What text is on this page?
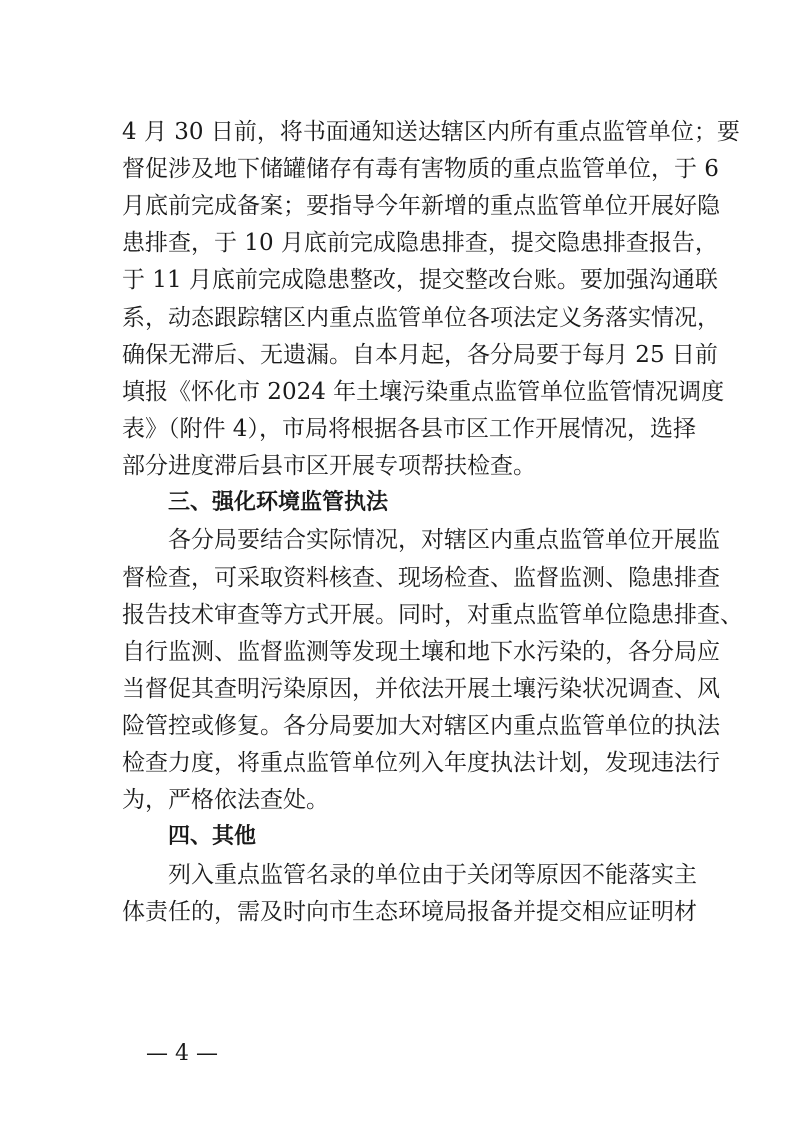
4 月 30 日前，将书面通知送达辖区内所有重点监管单位；要
督促涉及地下储罐储存有毒有害物质的重点监管单位，于 6
月底前完成备案；要指导今年新增的重点监管单位开展好隐
患排查，于 10 月底前完成隐患排查，提交隐患排查报告，
于 11 月底前完成隐患整改，提交整改台账。要加强沟通联
系，动态跟踪辖区内重点监管单位各项法定义务落实情况，
确保无滞后、无遗漏。自本月起，各分局要于每月 25 日前
填报《怀化市 2024 年土壤污染重点监管单位监管情况调度
表》（附件 4），市局将根据各县市区工作开展情况，选择
部分进度滞后县市区开展专项帮扶检查。
三、强化环境监管执法
各分局要结合实际情况，对辖区内重点监管单位开展监
督检查，可采取资料核查、现场检查、监督监测、隐患排查
报告技术审查等方式开展。同时，对重点监管单位隐患排查、
自行监测、监督监测等发现土壤和地下水污染的，各分局应
当督促其查明污染原因，并依法开展土壤污染状况调查、风
险管控或修复。各分局要加大对辖区内重点监管单位的执法
检查力度，将重点监管单位列入年度执法计划，发现违法行
为，严格依法查处。
四、其他
列入重点监管名录的单位由于关闭等原因不能落实主
体责任的，需及时向市生态环境局报备并提交相应证明材
— 4 —
